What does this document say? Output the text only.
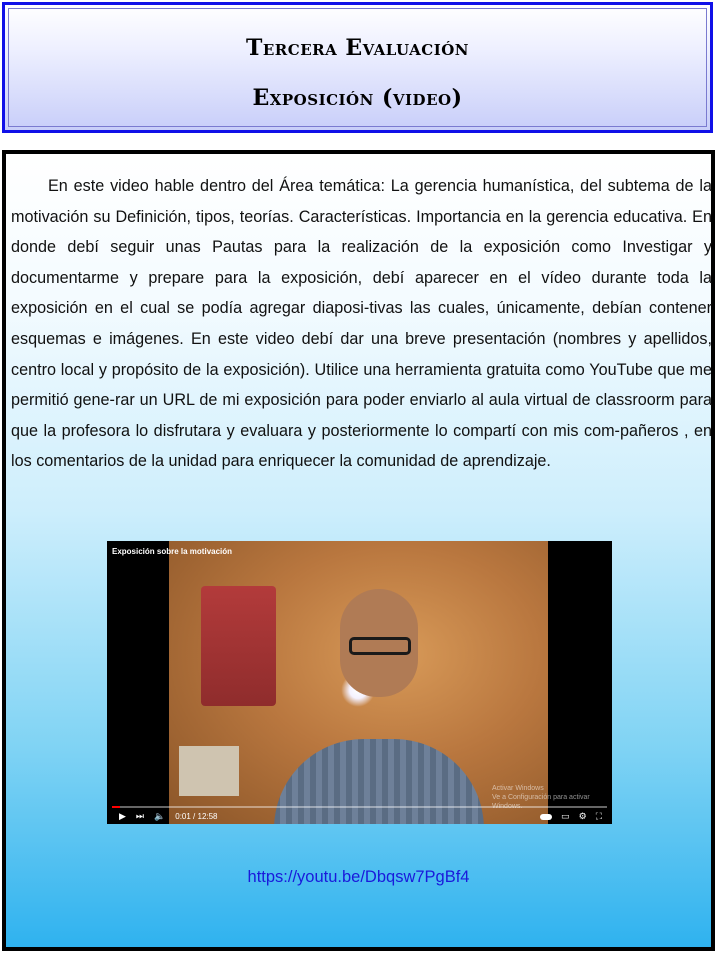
Tercera Evaluación
Exposición (video)
En este video hable dentro del Área temática: La gerencia humanística, del subtema de la motivación su Definición, tipos, teorías. Características. Importancia en la gerencia educativa. En donde debí seguir unas Pautas para la realización de la exposición como Investigar y documentarme y prepare para la exposición, debí aparecer en el vídeo durante toda la exposición en el cual se podía agregar diaposi-tivas las cuales, únicamente, debían contener esquemas e imágenes. En este video debí dar una breve presentación (nombres y apellidos, centro local y propósito de la exposición). Utilice una herramienta gratuita como YouTube que me permitió gene-rar un URL de mi exposición para poder enviarlo al aula virtual de classroorm para que la profesora lo disfrutara y evaluara y posteriormente lo compartí con mis com-pañeros , en los comentarios de la unidad para enriquecer la comunidad de aprendizaje.
Exposición sobre la motivación
Activar Windows
Ve a Configuración para activar Windows.
▶ ⏭ 🔈 0:01 / 12:58	▭ ⚙ ⛶
https://youtu.be/Dbqsw7PgBf4
